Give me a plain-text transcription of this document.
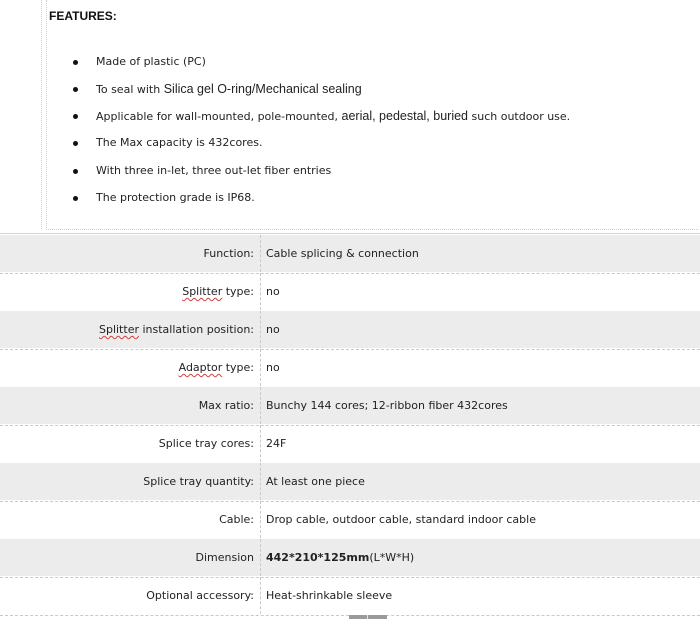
FEATURES:
Made of plastic (PC)
To seal with Silica gel O-ring/Mechanical sealing
Applicable for wall-mounted, pole-mounted, aerial, pedestal, buried such outdoor use.
The Max capacity is 432cores.
With three in-let, three out-let fiber entries
The protection grade is IP68.
Function: Cable splicing & connection
Splitter type: no
Splitter installation position: no
Adaptor type: no
Max ratio: Bunchy 144 cores; 12-ribbon fiber 432cores
Splice tray cores: 24F
Splice tray quantity: At least one piece
Cable: Drop cable, outdoor cable, standard indoor cable
Dimension 442*210*125mm(L*W*H)
Optional accessory: Heat-shrinkable sleeve
